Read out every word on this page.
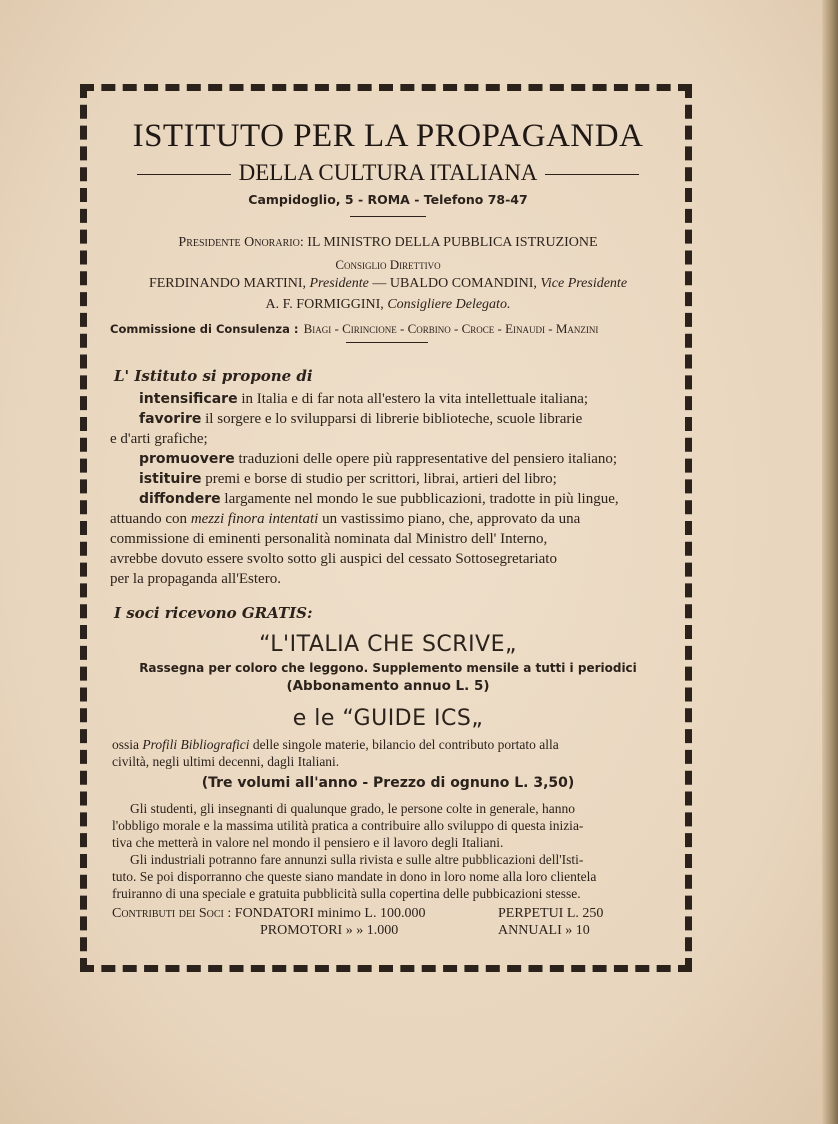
ISTITUTO PER LA PROPAGANDA
DELLA CULTURA ITALIANA
Campidoglio, 5 - ROMA - Telefono 78-47
Presidente Onorario: IL MINISTRO DELLA PUBBLICA ISTRUZIONE
Consiglio Direttivo
FERDINANDO MARTINI, Presidente — UBALDO COMANDINI, Vice Presidente
A. F. FORMIGGINI, Consigliere Delegato.
Commissione di Consulenza : Biagi - Cirincione - Corbino - Croce - Einaudi - Manzini
L' Istituto si propone di
intensificare in Italia e di far nota all'estero la vita intellettuale italiana;
favorire il sorgere e lo svilupparsi di librerie biblioteche, scuole librarie
e d'arti grafiche;
promuovere traduzioni delle opere più rappresentative del pensiero italiano;
istituire premi e borse di studio per scrittori, librai, artieri del libro;
diffondere largamente nel mondo le sue pubblicazioni, tradotte in più lingue,
attuando con mezzi finora intentati un vastissimo piano, che, approvato da una
commissione di eminenti personalità nominata dal Ministro dell' Interno,
avrebbe dovuto essere svolto sotto gli auspici del cessato Sottosegretariato
per la propaganda all'Estero.
I soci ricevono GRATIS:
“L'ITALIA CHE SCRIVE„
Rassegna per coloro che leggono. Supplemento mensile a tutti i periodici
(Abbonamento annuo L. 5)
e le “GUIDE ICS„
ossia Profili Bibliografici delle singole materie, bilancio del contributo portato alla
civiltà, negli ultimi decenni, dagli Italiani.
(Tre volumi all'anno - Prezzo di ognuno L. 3,50)
Gli studenti, gli insegnanti di qualunque grado, le persone colte in generale, hanno
l'obbligo morale e la massima utilità pratica a contribuire allo sviluppo di questa inizia-
tiva che metterà in valore nel mondo il pensiero e il lavoro degli Italiani.
Gli industriali potranno fare annunzi sulla rivista e sulle altre pubblicazioni dell'Isti-
tuto. Se poi disporranno che queste siano mandate in dono in loro nome alla loro clientela
fruiranno di una speciale e gratuita pubblicità sulla copertina delle pubbicazioni stesse.
Contributi dei Soci : FONDATORI minimo L. 100.000	PERPETUI L. 250
PROMOTORI » » 1.000	ANNUALI » 10
